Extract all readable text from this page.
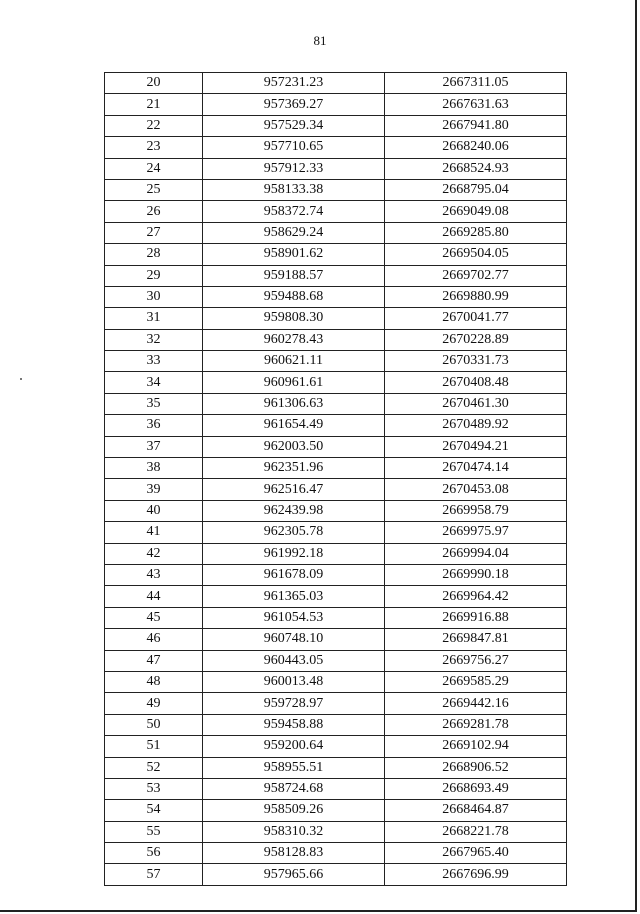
81
20	957231.23	2667311.05
21	957369.27	2667631.63
22	957529.34	2667941.80
23	957710.65	2668240.06
24	957912.33	2668524.93
25	958133.38	2668795.04
26	958372.74	2669049.08
27	958629.24	2669285.80
28	958901.62	2669504.05
29	959188.57	2669702.77
30	959488.68	2669880.99
31	959808.30	2670041.77
32	960278.43	2670228.89
33	960621.11	2670331.73
34	960961.61	2670408.48
35	961306.63	2670461.30
36	961654.49	2670489.92
37	962003.50	2670494.21
38	962351.96	2670474.14
39	962516.47	2670453.08
40	962439.98	2669958.79
41	962305.78	2669975.97
42	961992.18	2669994.04
43	961678.09	2669990.18
44	961365.03	2669964.42
45	961054.53	2669916.88
46	960748.10	2669847.81
47	960443.05	2669756.27
48	960013.48	2669585.29
49	959728.97	2669442.16
50	959458.88	2669281.78
51	959200.64	2669102.94
52	958955.51	2668906.52
53	958724.68	2668693.49
54	958509.26	2668464.87
55	958310.32	2668221.78
56	958128.83	2667965.40
57	957965.66	2667696.99
